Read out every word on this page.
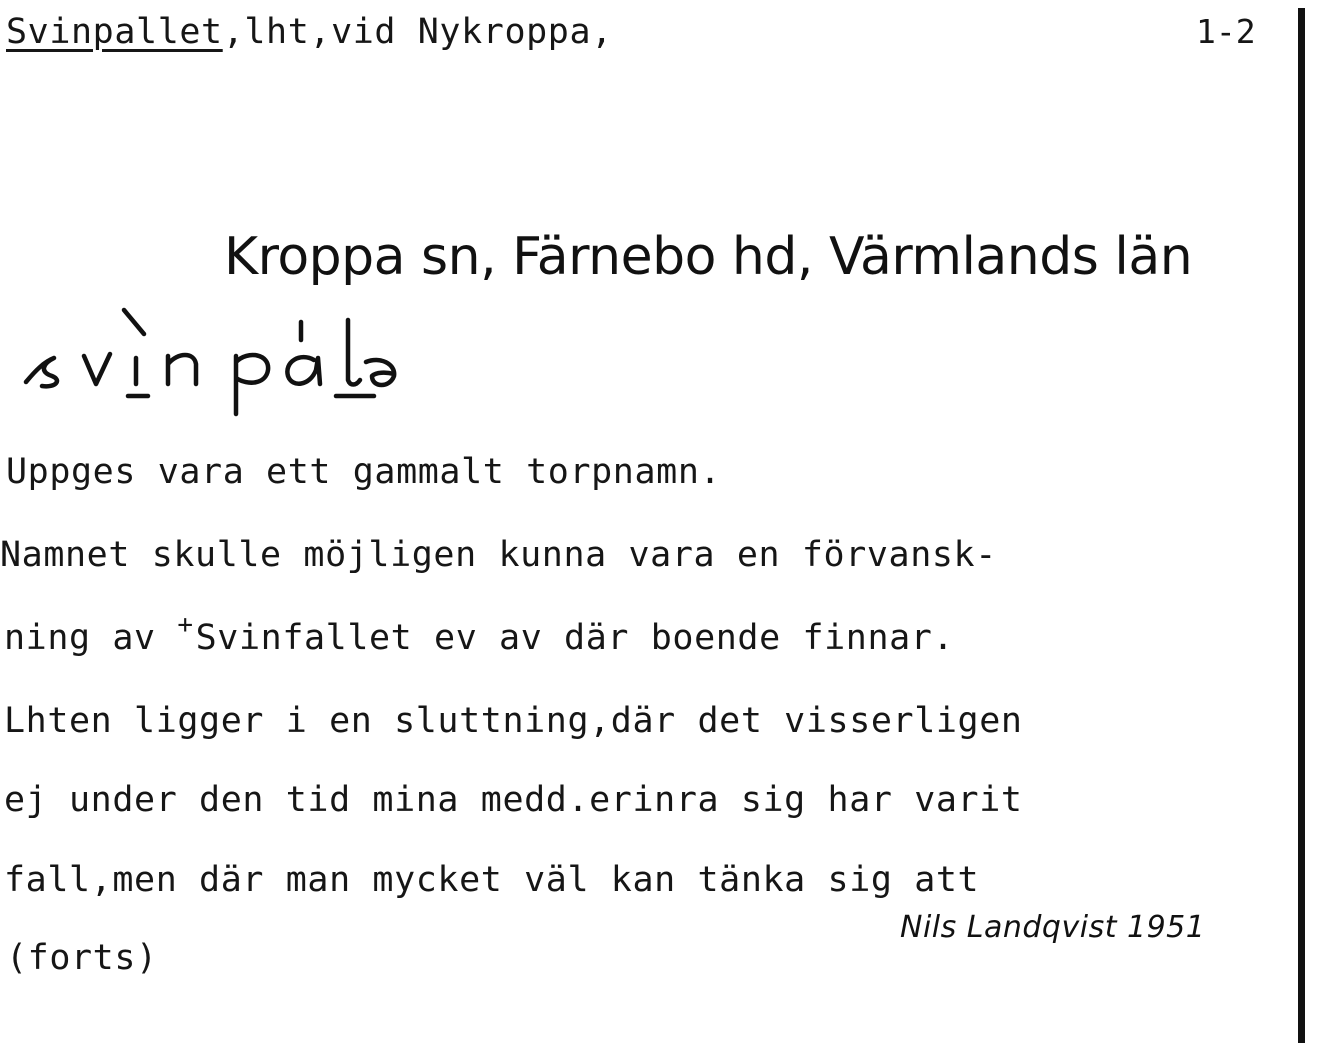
Svinpallet,lht,vid Nykroppa,	1-2
Kroppa sn, Färnebo hd, Värmlands län
Uppges vara ett gammalt torpnamn.
Namnet skulle möjligen kunna vara en förvansk-
ning av +Svinfallet ev av där boende finnar.
Lhten ligger i en sluttning,där det visserligen
ej under den tid mina medd.erinra sig har varit
fall,men där man mycket väl kan tänka sig att
(forts)
Nils Landqvist 1951
